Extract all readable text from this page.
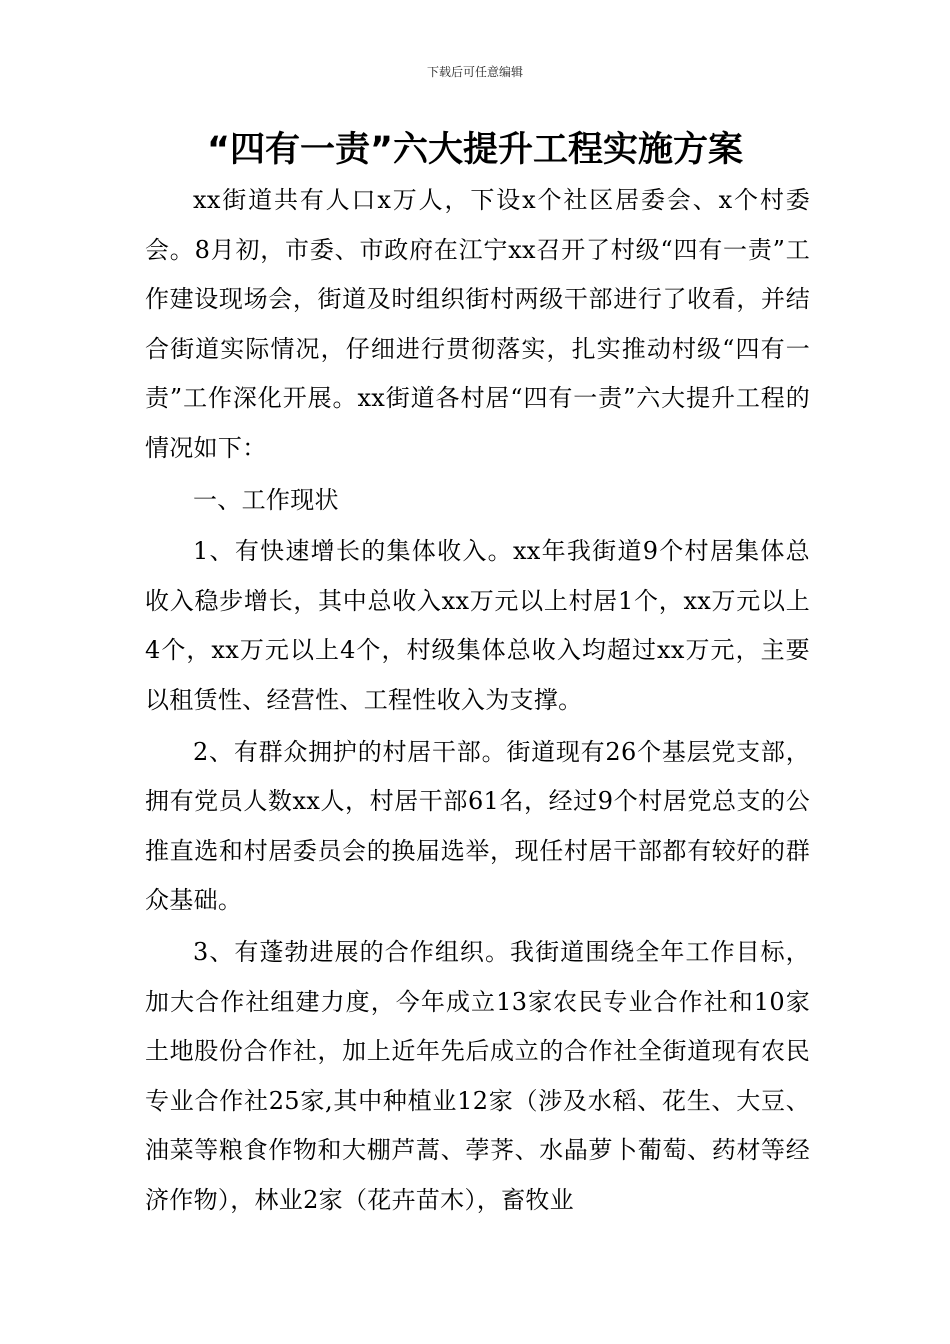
下载后可任意编辑
“四有一责”六大提升工程实施方案

xx街道共有人口x万人，下设x个社区居委会、x个村委会。8月初，市委、市政府在江宁xx召开了村级“四有一责”工作建设现场会，街道及时组织街村两级干部进行了收看，并结合街道实际情况，仔细进行贯彻落实，扎实推动村级“四有一责”工作深化开展。xx街道各村居“四有一责”六大提升工程的情况如下：

一、工作现状

1、有快速增长的集体收入。xx年我街道9个村居集体总收入稳步增长，其中总收入xx万元以上村居1个，xx万元以上4个，xx万元以上4个，村级集体总收入均超过xx万元，主要以租赁性、经营性、工程性收入为支撑。

2、有群众拥护的村居干部。街道现有26个基层党支部，拥有党员人数xx人，村居干部61名，经过9个村居党总支的公推直选和村居委员会的换届选举，现任村居干部都有较好的群众基础。

3、有蓬勃进展的合作组织。我街道围绕全年工作目标，加大合作社组建力度，今年成立13家农民专业合作社和10家土地股份合作社，加上近年先后成立的合作社全街道现有农民专业合作社25家,其中种植业12家（涉及水稻、花生、大豆、油菜等粮食作物和大棚芦蒿、荸荠、水晶萝卜葡萄、药材等经济作物），林业2家（花卉苗木），畜牧业
